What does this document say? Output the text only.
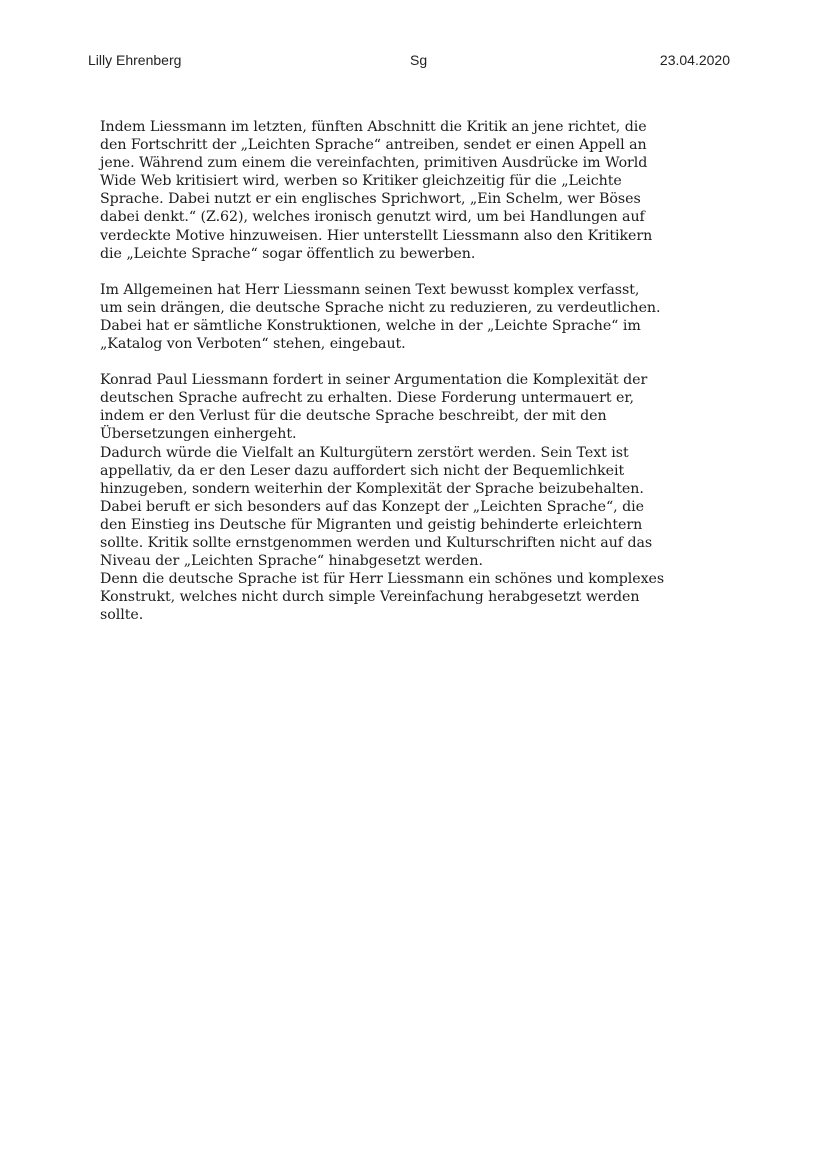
Lilly Ehrenberg	Sg	23.04.2020

Indem Liessmann im letzten, fünften Abschnitt die Kritik an jene richtet, die
den Fortschritt der „Leichten Sprache“ antreiben, sendet er einen Appell an
jene. Während zum einem die vereinfachten, primitiven Ausdrücke im World
Wide Web kritisiert wird, werben so Kritiker gleichzeitig für die „Leichte
Sprache. Dabei nutzt er ein englisches Sprichwort, „Ein Schelm, wer Böses
dabei denkt.“ (Z.62), welches ironisch genutzt wird, um bei Handlungen auf
verdeckte Motive hinzuweisen. Hier unterstellt Liessmann also den Kritikern
die „Leichte Sprache“ sogar öffentlich zu bewerben.

Im Allgemeinen hat Herr Liessmann seinen Text bewusst komplex verfasst,
um sein drängen, die deutsche Sprache nicht zu reduzieren, zu verdeutlichen.
Dabei hat er sämtliche Konstruktionen, welche in der „Leichte Sprache“ im
„Katalog von Verboten“ stehen, eingebaut.

Konrad Paul Liessmann fordert in seiner Argumentation die Komplexität der
deutschen Sprache aufrecht zu erhalten. Diese Forderung untermauert er,
indem er den Verlust für die deutsche Sprache beschreibt, der mit den
Übersetzungen einhergeht.
Dadurch würde die Vielfalt an Kulturgütern zerstört werden. Sein Text ist
appellativ, da er den Leser dazu auffordert sich nicht der Bequemlichkeit
hinzugeben, sondern weiterhin der Komplexität der Sprache beizubehalten.
Dabei beruft er sich besonders auf das Konzept der „Leichten Sprache“, die
den Einstieg ins Deutsche für Migranten und geistig behinderte erleichtern
sollte. Kritik sollte ernstgenommen werden und Kulturschriften nicht auf das
Niveau der „Leichten Sprache“ hinabgesetzt werden.
Denn die deutsche Sprache ist für Herr Liessmann ein schönes und komplexes
Konstrukt, welches nicht durch simple Vereinfachung herabgesetzt werden
sollte.
